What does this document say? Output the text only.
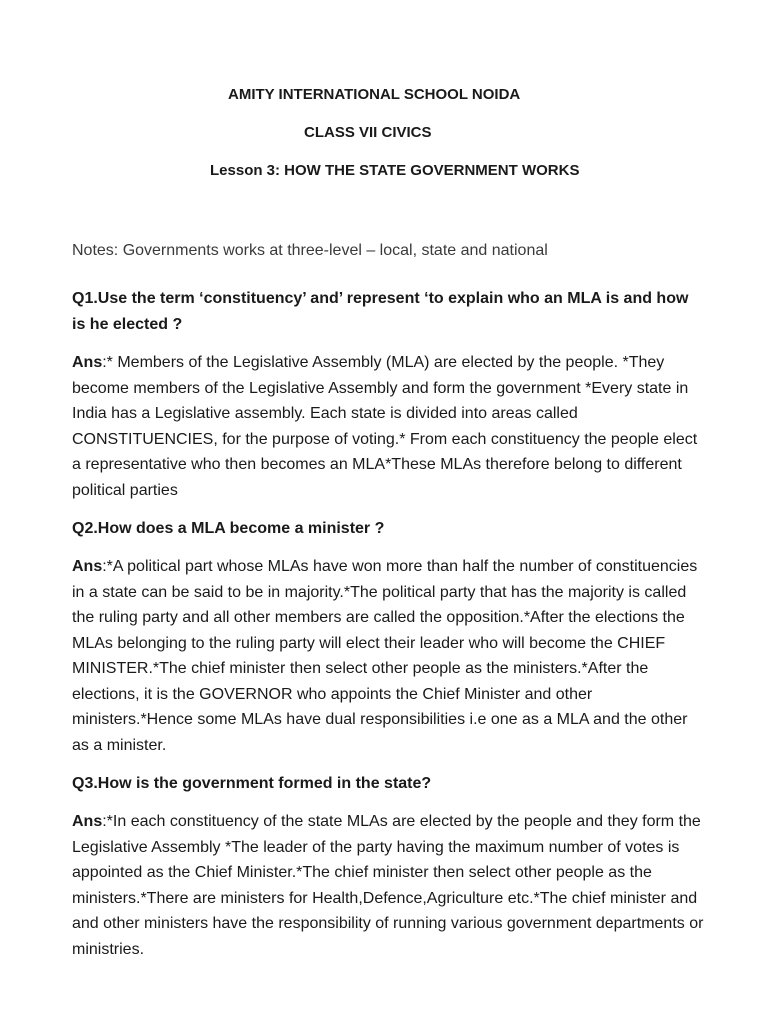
AMITY INTERNATIONAL SCHOOL NOIDA
CLASS VII CIVICS
Lesson 3: HOW THE STATE GOVERNMENT WORKS
Notes: Governments works at three-level – local, state and national

Q1.Use the term ‘constituency’ and’ represent ‘to explain who an MLA is and how is he elected ?

Ans:* Members of the Legislative Assembly (MLA) are elected by the people. *They become members of the Legislative Assembly and form the government *Every state in India has a Legislative assembly. Each state is divided into areas called CONSTITUENCIES, for the purpose of voting.* From each constituency the people elect a representative who then becomes an MLA*These MLAs therefore belong to different political parties

Q2.How does a MLA become a minister ?

Ans:*A political part whose MLAs have won more than half the number of constituencies in a state can be said to be in majority.*The political party that has the majority is called the ruling party and all other members are called the opposition.*After the elections the MLAs belonging to the ruling party will elect their leader who will become the CHIEF MINISTER.*The chief minister then select other people as the ministers.*After the elections, it is the GOVERNOR who appoints the Chief Minister and other ministers.*Hence some MLAs have dual responsibilities i.e one as a MLA and the other as a minister.

Q3.How is the government formed in the state?

Ans:*In each constituency of the state MLAs are elected by the people and they form the Legislative Assembly *The leader of the party having the maximum number of votes is appointed as the Chief Minister.*The chief minister then select other people as the ministers.*There are ministers for Health,Defence,Agriculture etc.*The chief minister and and other ministers have the responsibility of running various government departments or ministries.
